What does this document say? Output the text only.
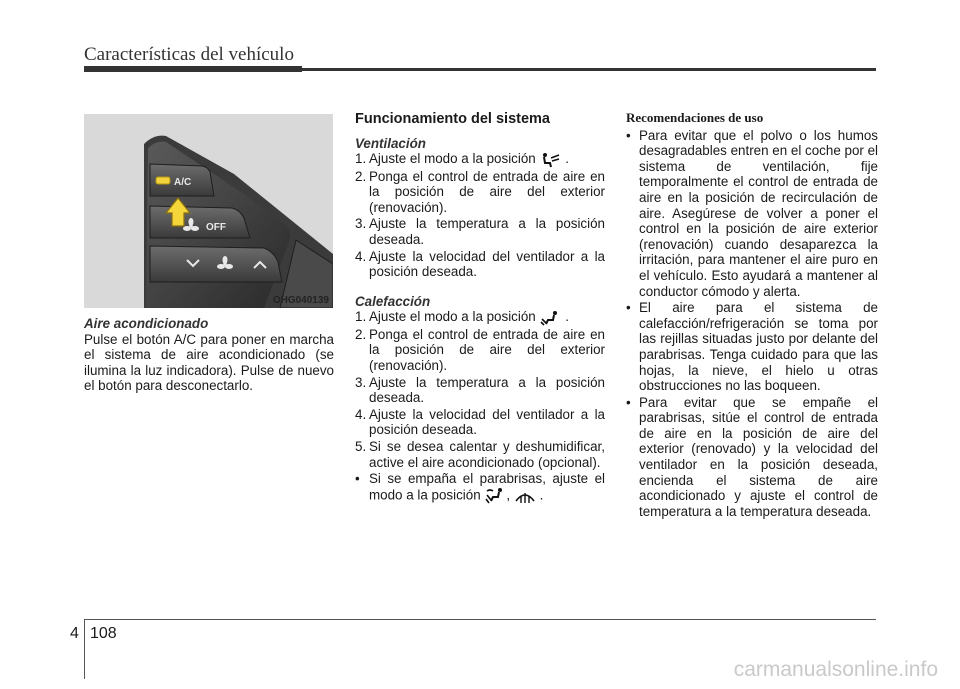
Características del vehículo
A/C
OFF
OHG040139

Aire acondicionado

Pulse el botón A/C para poner en marcha el sistema de aire acondicionado (se ilumina la luz indicadora). Pulse de nuevo el botón para desconectarlo.

Funcionamiento del sistema

Ventilación

1. Ajuste el modo a la posición .
2. Ponga el control de entrada de aire en la posición de aire del exterior (renovación).
3. Ajuste la temperatura a la posición deseada.
4. Ajuste la velocidad del ventilador a la posición deseada.

Calefacción

1. Ajuste el modo a la posición .
2. Ponga el control de entrada de aire en la posición de aire del exterior (renovación).
3. Ajuste la temperatura a la posición deseada.
4. Ajuste la velocidad del ventilador a la posición deseada.
5. Si se desea calentar y deshumidificar, active el aire acondicionado (opcional).
• Si se empaña el parabrisas, ajuste el modo a la posición , .

Recomendaciones de uso

• Para evitar que el polvo o los humos desagradables entren en el coche por el sistema de ventilación, fije temporalmente el control de entrada de aire en la posición de recirculación de aire. Asegúrese de volver a poner el control en la posición de aire exterior (renovación) cuando desaparezca la irritación, para mantener el aire puro en el vehículo. Esto ayudará a mantener al conductor cómodo y alerta.
• El aire para el sistema de calefacción/refrigeración se toma por las rejillas situadas justo por delante del parabrisas. Tenga cuidado para que las hojas, la nieve, el hielo u otras obstrucciones no las boqueen.
• Para evitar que se empañe el parabrisas, sitúe el control de entrada de aire en la posición de aire del exterior (renovado) y la velocidad del ventilador en la posición deseada, encienda el sistema de aire acondicionado y ajuste el control de temperatura a la temperatura deseada.
4 108
carmanualsonline.info
